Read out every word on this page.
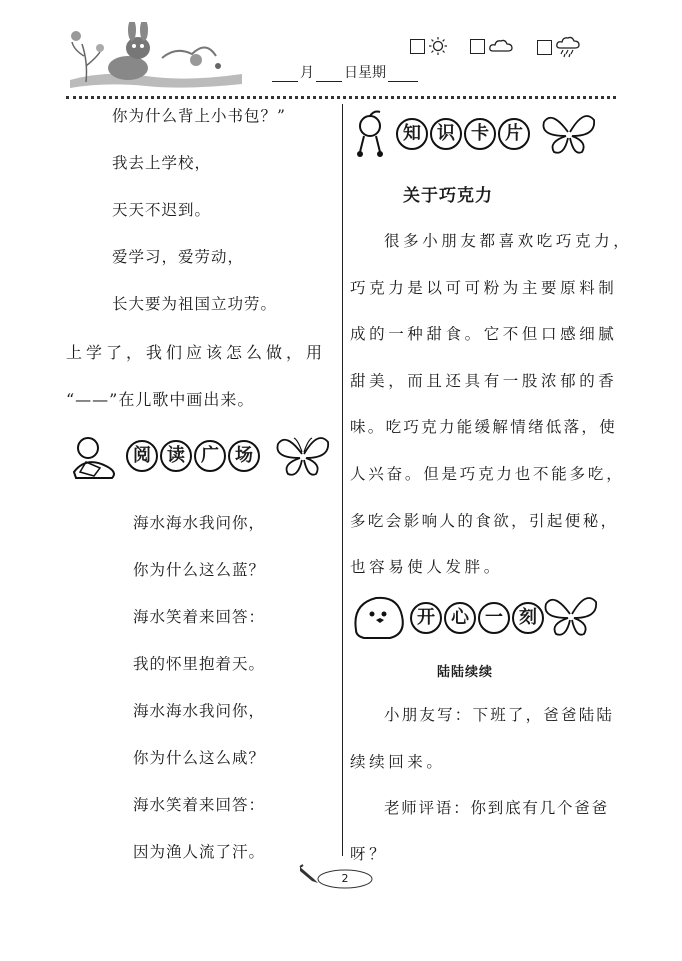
月 日星期
你为什么背上小书包？”
我去上学校，
天天不迟到。
爱学习，爱劳动，
长大要为祖国立功劳。
上学了，我们应该怎么做，用
“——”在儿歌中画出来。
阅 读 广 场
海水海水我问你，
你为什么这么蓝？
海水笑着来回答：
我的怀里抱着天。
海水海水我问你，
你为什么这么咸？
海水笑着来回答：
因为渔人流了汗。
知 识 卡 片
关于巧克力
很多小朋友都喜欢吃巧克力，
巧克力是以可可粉为主要原料制
成的一种甜食。它不但口感细腻
甜美，而且还具有一股浓郁的香
味。吃巧克力能缓解情绪低落，使
人兴奋。但是巧克力也不能多吃，
多吃会影响人的食欲，引起便秘，
也容易使人发胖。
开 心 一 刻
陆陆续续
小朋友写：下班了，爸爸陆陆
续续回来。
老师评语：你到底有几个爸爸
呀？
2
